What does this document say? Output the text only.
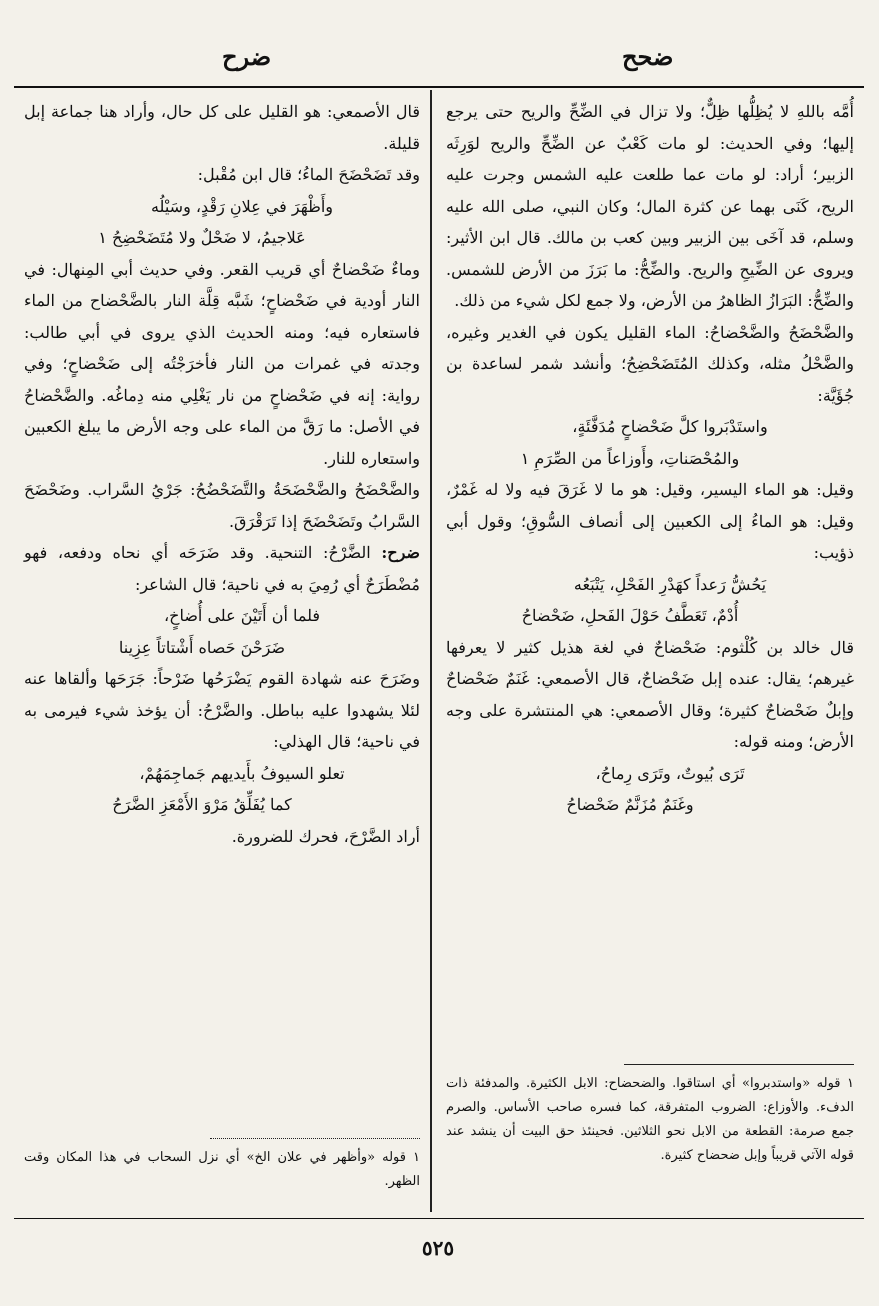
ضحح
ضرح

أُمَّه باللهِ لا يُظِلُّها ظِلٌّ؛ ولا تزال في الضِّحِّ والريح حتى يرجع إليها؛ وفي الحديث: لو مات كَعْبٌ عن الضِّحِّ والريح لوَرِثَه الزبير؛ أراد: لو مات عما طلعت عليه الشمس وجرت عليه الريح، كَنَى بهما عن كثرة المال؛ وكان النبي، صلى الله عليه وسلم، قد آخَى بين الزبير وبين كعب بن مالك. قال ابن الأثير: ويروى عن الضِّيحِ والريح. والضِّحُّ: ما بَرَزَ من الأرض للشمس. والضِّحُّ: البَرَازُ الظاهرُ من الأرض، ولا جمع لكل شيء من ذلك.

والضَّحْضَحُ والضَّحْضاحُ: الماء القليل يكون في الغدير وغيره، والضَّحْلُ مثله، وكذلك المُتَضَحْضِحُ؛ وأنشد شمر لساعدة بن جُؤَيَّة:

واستَدْبَروا كلَّ ضَحْضاحٍ مُدَفَّئَةٍ،

والمُحْصَناتِ، وأَوزاعاً من الصِّرَمِ ١

وقيل: هو الماء اليسير، وقيل: هو ما لا غَرَقَ فيه ولا له غَمْرٌ، وقيل: هو الماءُ إلى الكعبين إلى أنصاف السُّوقِ؛ وقول أبي ذؤيب:

يَحُشُّ رَعداً كهَدْرِ الفَحْلِ، يَتْبَعُه

أُدْمٌ، تَعَطَّفُ حَوْلَ الفَحلِ، ضَحْضاحُ

قال خالد بن كُلْثوم: ضَحْضاحٌ في لغة هذيل كثير لا يعرفها غيرهم؛ يقال: عنده إبل ضَحْضاحٌ، قال الأصمعي: غَنَمٌ ضَحْضاحٌ وإبلٌ ضَحْضاحٌ كثيرة؛ وقال الأصمعي: هي المنتشرة على وجه الأرض؛ ومنه قوله:

تَرَى بُيوتٌ، وتَرَى رِماحُ،

وغَنَمٌ مُزَنَّمٌ ضَحْضاحُ

١ قوله «واستدبروا» أي استاقوا. والضحضاح: الابل الكثيرة. والمدفئة ذات الدفء. والأوزاع: الضروب المتفرقة، كما فسره صاحب الأساس. والصرم جمع صرمة: القطعة من الابل نحو الثلاثين. فحينئذ حق البيت أن ينشد عند قوله الآتي قريباً وإبل ضحضاح كثيرة.

قال الأصمعي: هو القليل على كل حال، وأراد هنا جماعة إبل قليلة.

وقد تَضَحْضَحَ الماءُ؛ قال ابن مُقْبل:

وأَظْهَرَ في عِلانِ رَقْدٍ، وسَيْلُه

عَلاجيمُ، لا ضَحْلٌ ولا مُتَضَحْضِحُ ١

وماءٌ ضَحْضاحٌ أي قريب القعر. وفي حديث أبي المِنهال: في النار أودية في ضَحْضاحٍ؛ شَبَّه قِلَّة النار بالضَّحْضاح من الماء فاستعاره فيه؛ ومنه الحديث الذي يروى في أبي طالب: وجدته في غمرات من النار فأخرَجْتُه إلى ضَحْضاحٍ؛ وفي رواية: إنه في ضَحْضاحٍ من نار يَغْلِي منه دِماغُه. والضَّحْضاحُ في الأصل: ما رَقَّ من الماء على وجه الأرض ما يبلغ الكعبين واستعاره للنار.

والضَّحْضَحُ والضَّحْضَحَةُ والتَّضَحْضُحُ: جَرْيُ السَّراب. وضَحْضَحَ السَّرابُ وتَضَحْضَحَ إذا تَرَقْرَقَ.

ضرح: الضَّرْحُ: التنحية. وقد ضَرَحَه أي نحاه ودفعه، فهو مُضْطَرَحٌ أي رُمِيَ به في ناحية؛ قال الشاعر:

فلما أن أَتَيْنَ على أُضاخٍ،

ضَرَحْنَ حَصاه أَشْتاتاً عِزِينا

وضَرَحَ عنه شهادة القوم يَضْرَحُها ضَرْحاً: جَرَحَها وألقاها عنه لئلا يشهدوا عليه بباطل. والضَّرْحُ: أن يؤخذ شيء فيرمى به في ناحية؛ قال الهذلي:

تعلو السيوفُ بأَيديهم جَماجِمَهُمْ،

كما يُفَلِّقُ مَرْوَ الأَمْعَزِ الضَّرَحُ

أراد الضَّرْحَ، فحرك للضرورة.

١ قوله «وأظهر في علان الخ» أي نزل السحاب في هذا المكان وقت الظهر.

٥٢٥
